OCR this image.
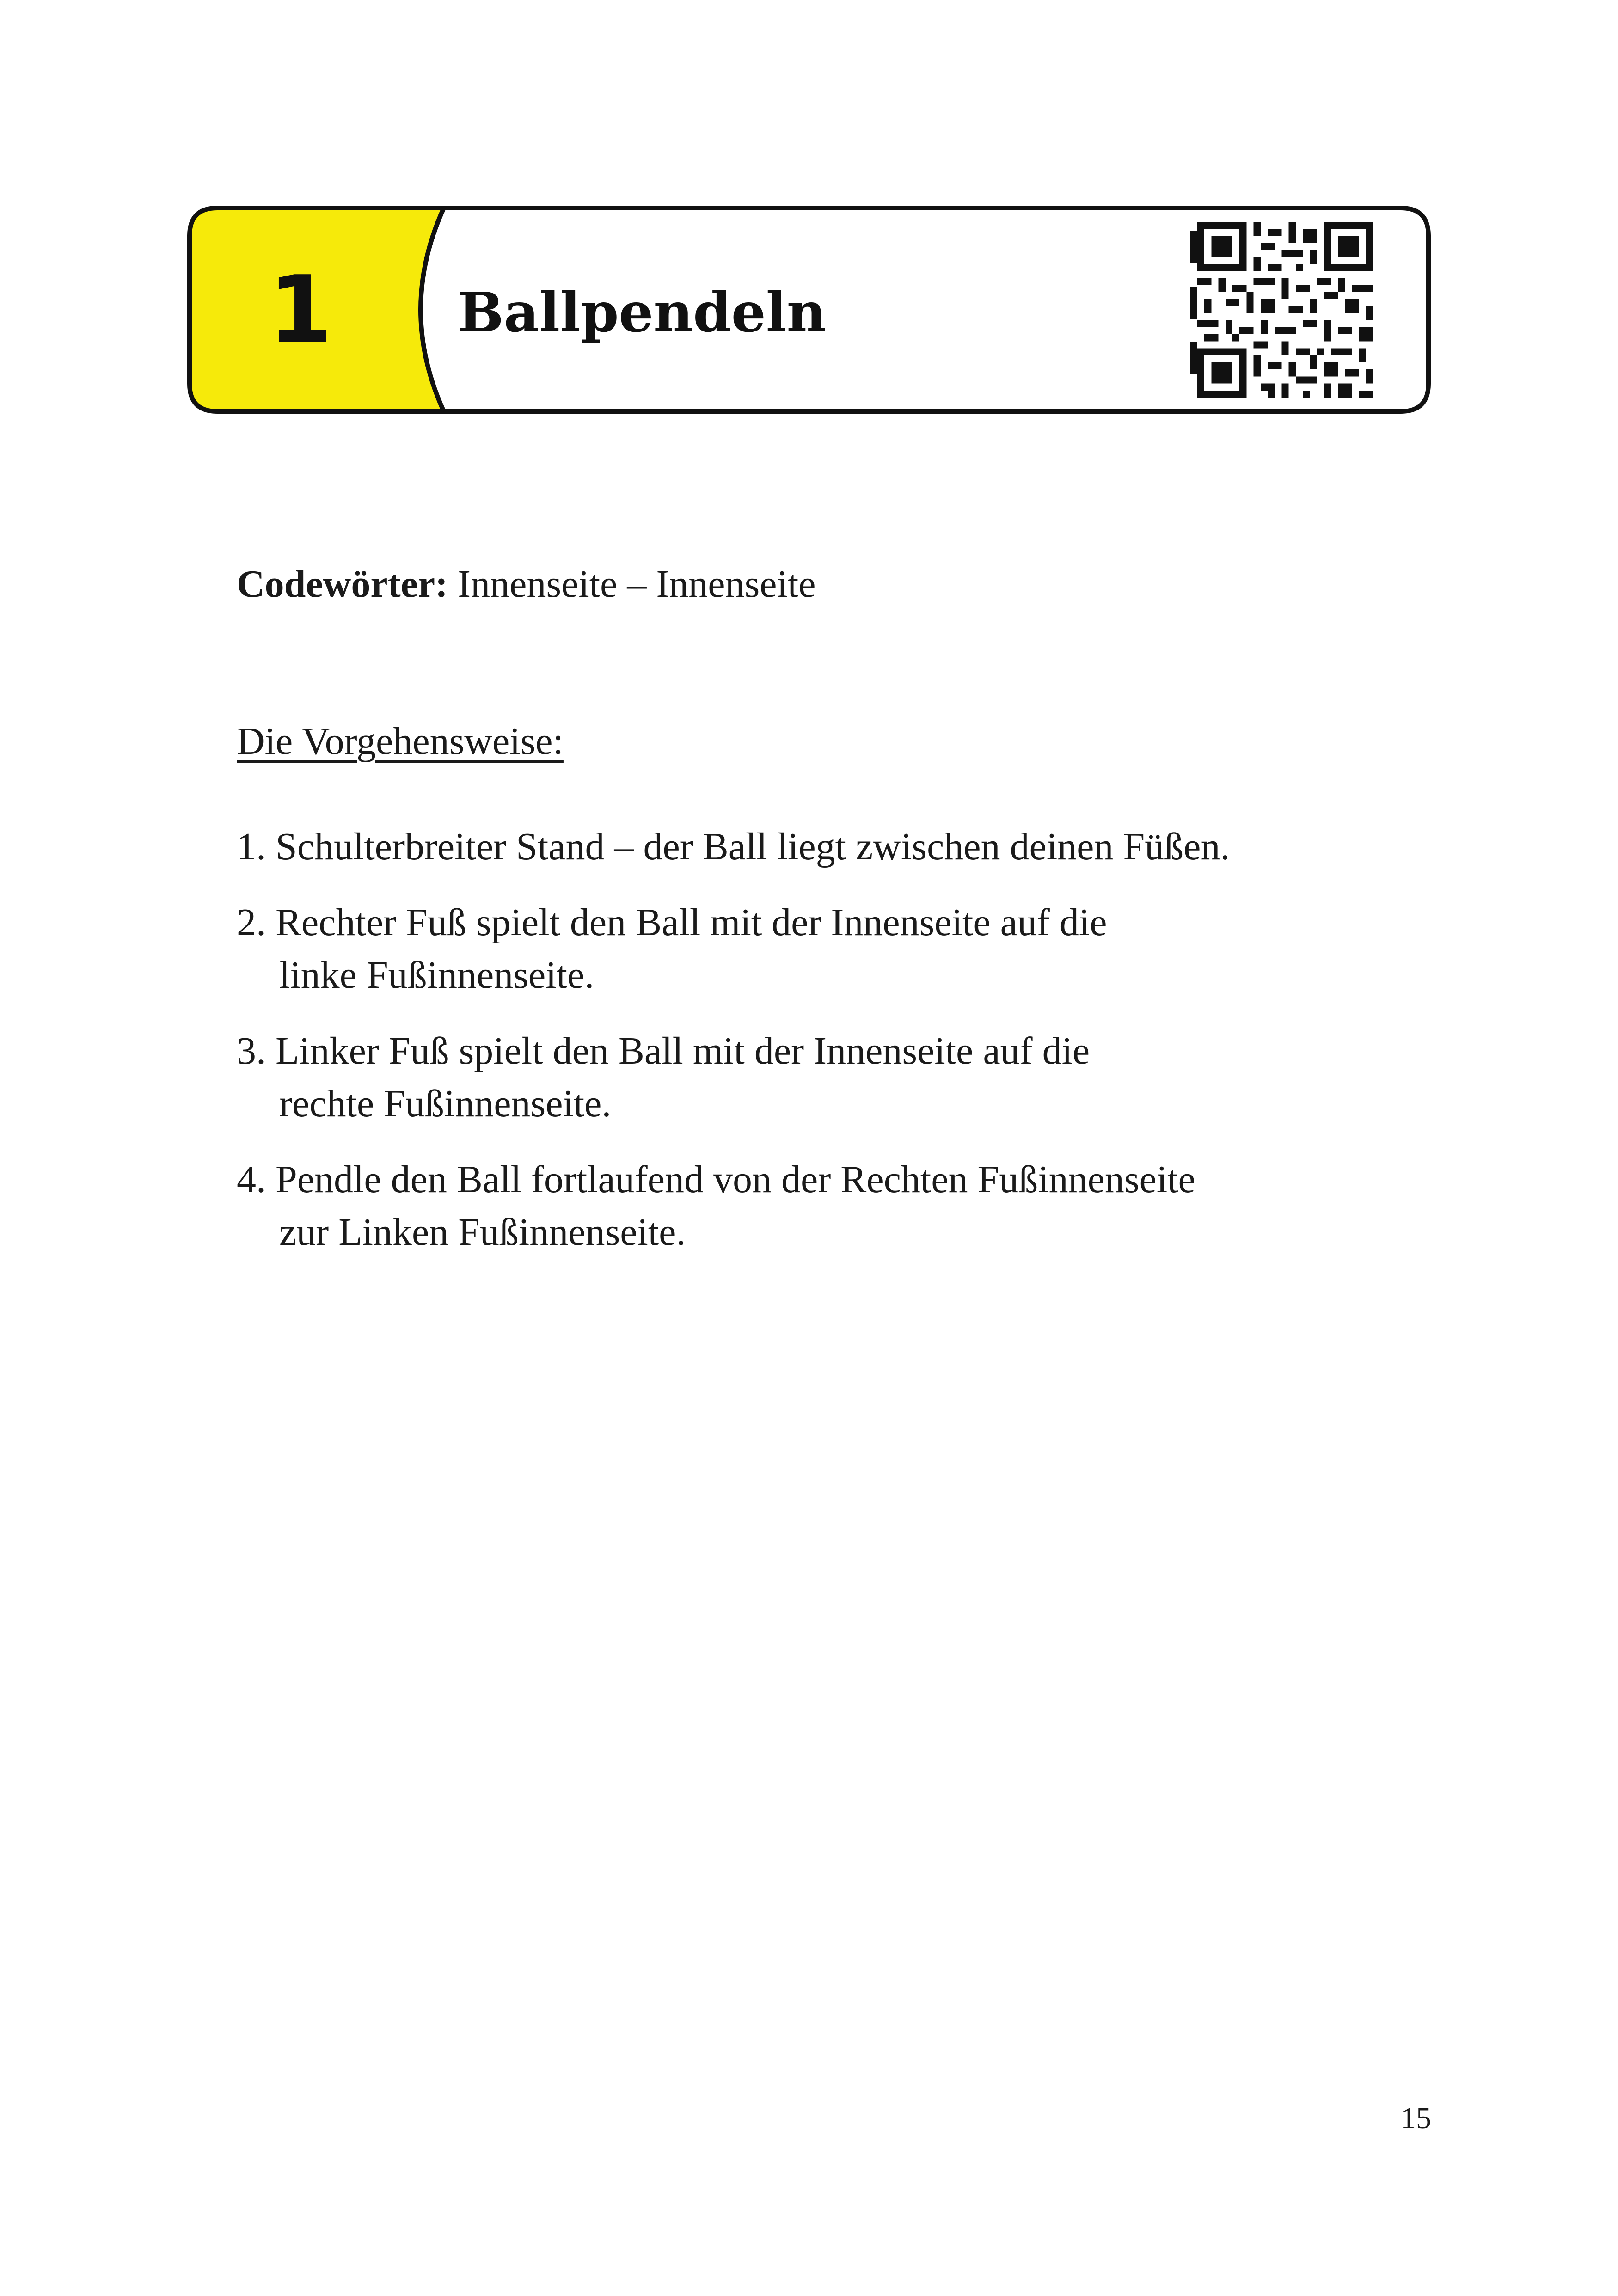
1	Ballpendeln
Codewörter: Innenseite – Innenseite
Die Vorgehensweise:
1. Schulterbreiter Stand – der Ball liegt zwischen deinen Füßen.
2. Rechter Fuß spielt den Ball mit der Innenseite auf die
linke Fußinnenseite.
3. Linker Fuß spielt den Ball mit der Innenseite auf die
rechte Fußinnenseite.
4. Pendle den Ball fortlaufend von der Rechten Fußinnenseite
zur Linken Fußinnenseite.
15
